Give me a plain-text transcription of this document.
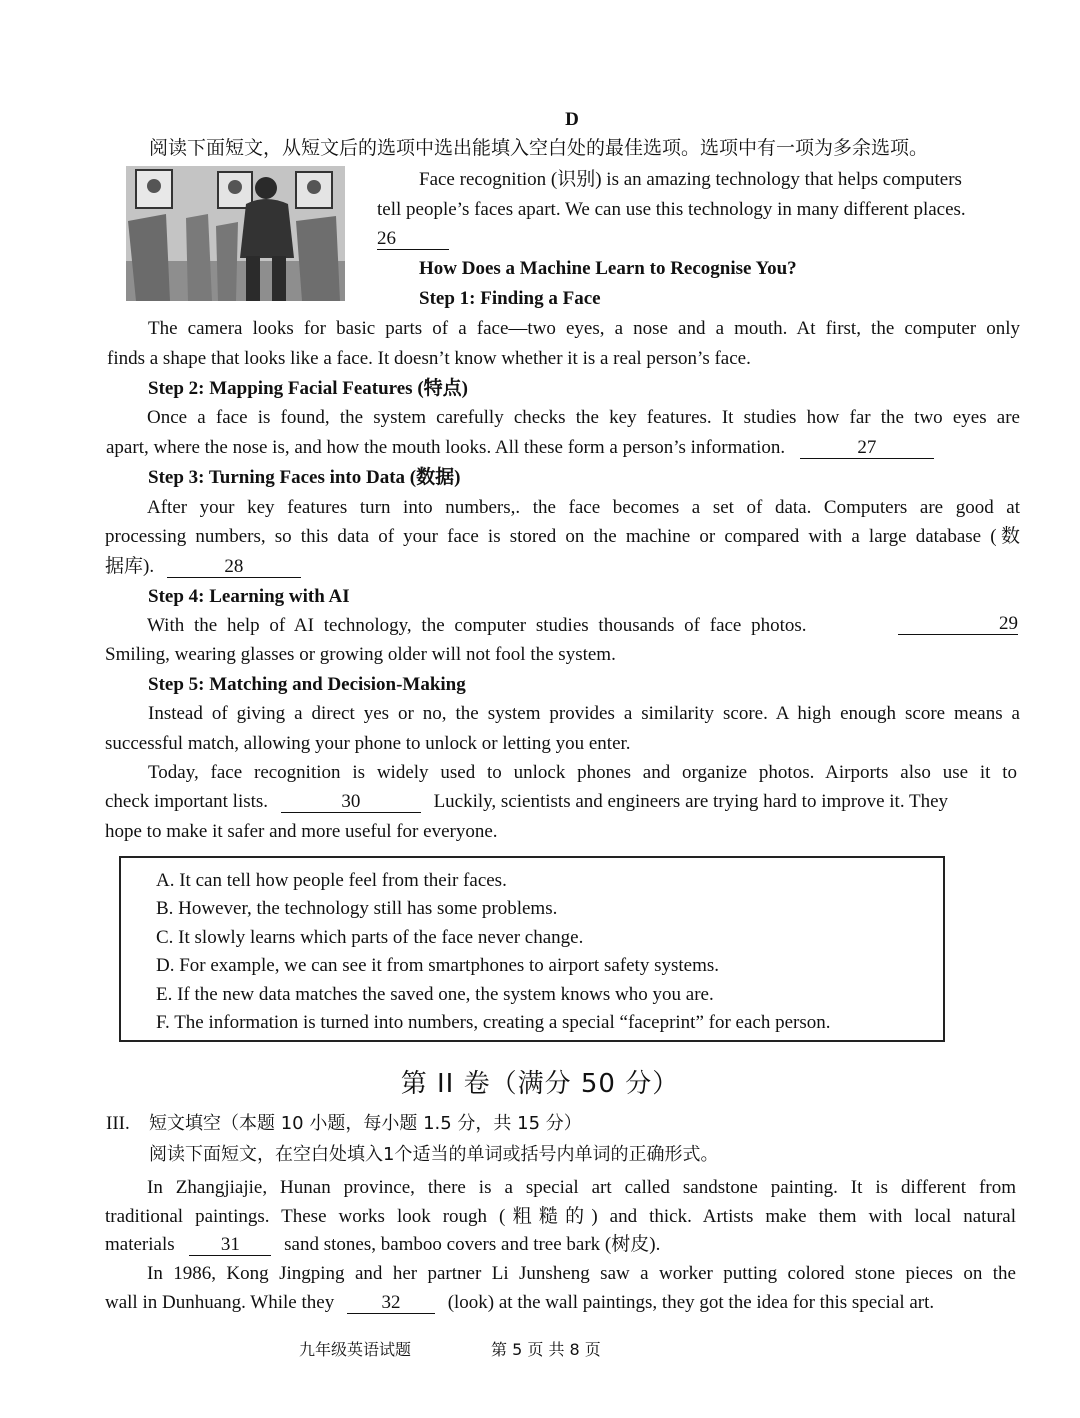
D
阅读下面短文，从短文后的选项中选出能填入空白处的最佳选项。选项中有一项为多余选项。
Face recognition (识别) is an amazing technology that helps computers
tell people’s faces apart. We can use this technology in many different places.
26
How Does a Machine Learn to Recognise You?
Step 1: Finding a Face
The camera looks for basic parts of a face—two eyes, a nose and a mouth. At first, the computer only
finds a shape that looks like a face. It doesn’t know whether it is a real person’s face.
Step 2: Mapping Facial Features (特点)
Once a face is found, the system carefully checks the key features. It studies how far the two eyes are
apart, where the nose is, and how the mouth looks. All these form a person’s information.	27
Step 3: Turning Faces into Data (数据)
After your key features turn into numbers,. the face becomes a set of data. Computers are good at
processing numbers, so this data of your face is stored on the machine or compared with a large database (数
据库).	28
Step 4: Learning with AI
With the help of AI technology, the computer studies thousands of face photos.	29
Smiling, wearing glasses or growing older will not fool the system.
Step 5: Matching and Decision-Making
Instead of giving a direct yes or no, the system provides a similarity score. A high enough score means a
successful match, allowing your phone to unlock or letting you enter.
Today, face recognition is widely used to unlock phones and organize photos. Airports also use it to
check important lists.	30	Luckily, scientists and engineers are trying hard to improve it. They
hope to make it safer and more useful for everyone.
A. It can tell how people feel from their faces.
B. However, the technology still has some problems.
C. It slowly learns which parts of the face never change.
D. For example, we can see it from smartphones to airport safety systems.
E. If the new data matches the saved one, the system knows who you are.
F. The information is turned into numbers, creating a special “faceprint” for each person.
第 II 卷（满分 50 分）
III. 短文填空（本题 10 小题，每小题 1.5 分，共 15 分）
阅读下面短文，在空白处填入1个适当的单词或括号内单词的正确形式。
In Zhangjiajie, Hunan province, there is a special art called sandstone painting. It is different from
traditional paintings. These works look rough (粗糙的) and thick. Artists make them with local natural
materials 31 sand stones, bamboo covers and tree bark (树皮).
In 1986, Kong Jingping and her partner Li Junsheng saw a worker putting colored stone pieces on the
wall in Dunhuang. While they 32 (look) at the wall paintings, they got the idea for this special art.
九年级英语试题	第 5 页 共 8 页
